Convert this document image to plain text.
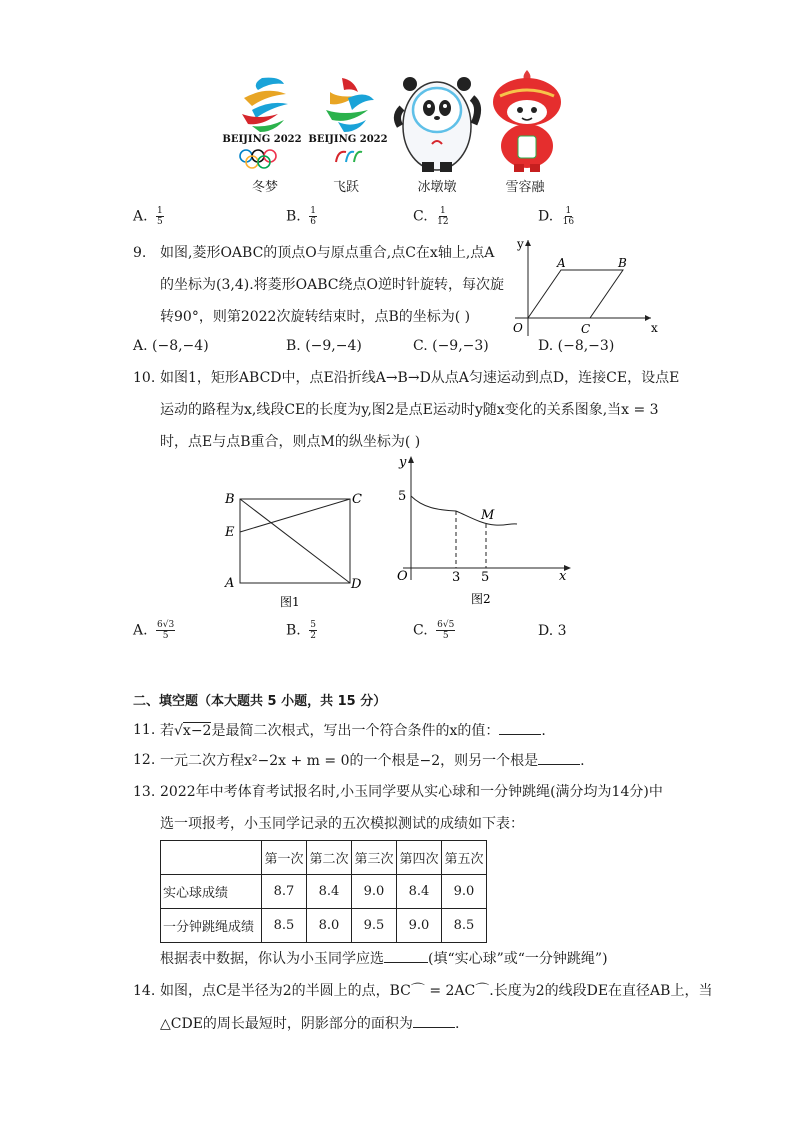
BEIJING 2022 BEIJING 2022
冬梦	飞跃	冰墩墩	雪容融
A. $\frac{1}{5}$	B. $\frac{1}{6}$	C. $\frac{1}{12}$	D. $\frac{1}{16}$
9. 如图,菱形OABC的顶点O与原点重合,点C在x轴上,点A
的坐标为(3,4).将菱形OABC绕点O逆时针旋转，每次旋
转90°，则第2022次旋转结束时，点B的坐标为( )
y
x
O
A	B
C
A. (−8,−4)	B. (−9,−4)	C. (−9,−3)	D. (−8,−3)
10. 如图1，矩形ABCD中，点E沿折线A→B→D从点A匀速运动到点D，连接CE，设点E
运动的路程为x,线段CE的长度为y,图2是点E运动时y随x变化的关系图象,当x = 3
时，点E与点B重合，则点M的纵坐标为( )
B	C
E
A	D
图1
y
5
M
O	3 5	x
图2
A. $\frac{6√3}{5}$	B. $\frac{5}{2}$	C. $\frac{6√5}{5}$	D. 3
二、填空题（本大题共 5 小题，共 15 分）
11. 若√x−2是最简二次根式，写出一个符合条件的x的值：	.
12. 一元二次方程x²−2x + m = 0的一个根是−2，则另一个根是	.
13. 2022年中考体育考试报名时,小玉同学要从实心球和一分钟跳绳(满分均为14分)中
选一项报考，小玉同学记录的五次模拟测试的成绩如下表：
	第一次	第二次	第三次	第四次	第五次
实心球成绩	8.7	8.4	9.0	8.4	9.0
一分钟跳绳成绩	8.5	8.0	9.5	9.0	8.5
根据表中数据，你认为小玉同学应选	(填“实心球”或“一分钟跳绳”)
14. 如图，点C是半径为2的半圆上的点，BC⌒ = 2AC⌒.长度为2的线段DE在直径AB上，当
△CDE的周长最短时，阴影部分的面积为	.
